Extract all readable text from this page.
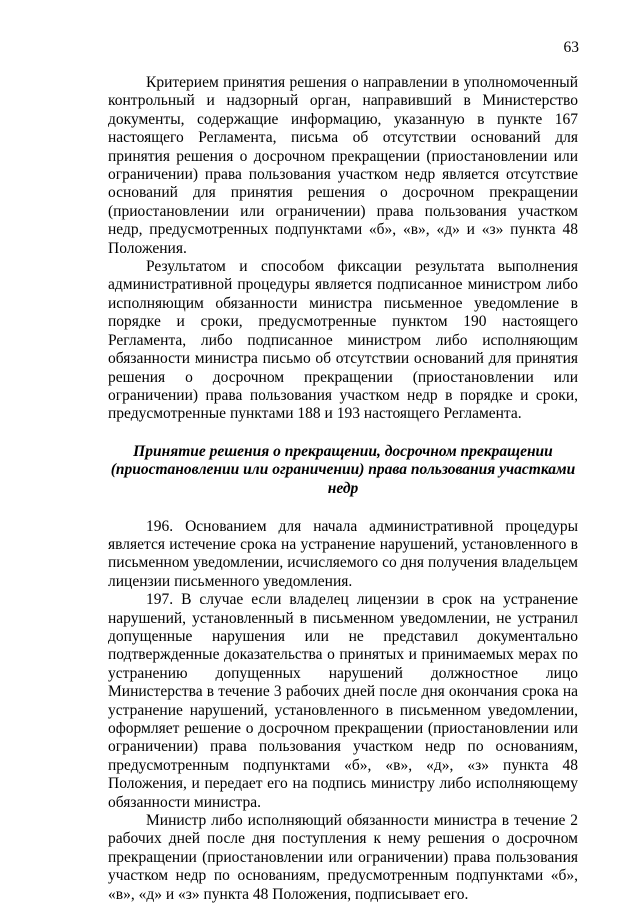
63

Критерием принятия решения о направлении в уполномоченный контрольный и надзорный орган, направивший в Министерство документы, содержащие информацию, указанную в пункте 167 настоящего Регламента, письма об отсутствии оснований для принятия решения о досрочном прекращении (приостановлении или ограничении) права пользования участком недр является отсутствие оснований для принятия решения о досрочном прекращении (приостановлении или ограничении) права пользования участком недр, предусмотренных подпунктами «б», «в», «д» и «з» пункта 48 Положения.

Результатом и способом фиксации результата выполнения административной процедуры является подписанное министром либо исполняющим обязанности министра письменное уведомление в порядке и сроки, предусмотренные пунктом 190 настоящего Регламента, либо подписанное министром либо исполняющим обязанности министра письмо об отсутствии оснований для принятия решения о досрочном прекращении (приостановлении или ограничении) права пользования участком недр в порядке и сроки, предусмотренные пунктами 188 и 193 настоящего Регламента.

Принятие решения о прекращении, досрочном прекращении
(приостановлении или ограничении) права пользования участками
недр

196. Основанием для начала административной процедуры является истечение срока на устранение нарушений, установленного в письменном уведомлении, исчисляемого со дня получения владельцем лицензии письменного уведомления.

197. В случае если владелец лицензии в срок на устранение нарушений, установленный в письменном уведомлении, не устранил допущенные нарушения или не представил документально подтвержденные доказательства о принятых и принимаемых мерах по устранению допущенных нарушений должностное лицо Министерства в течение 3 рабочих дней после дня окончания срока на устранение нарушений, установленного в письменном уведомлении, оформляет решение о досрочном прекращении (приостановлении или ограничении) права пользования участком недр по основаниям, предусмотренным подпунктами «б», «в», «д», «з» пункта 48 Положения, и передает его на подпись министру либо исполняющему обязанности министра.

Министр либо исполняющий обязанности министра в течение 2 рабочих дней после дня поступления к нему решения о досрочном прекращении (приостановлении или ограничении) права пользования участком недр по основаниям, предусмотренным подпунктами «б», «в», «д» и «з» пункта 48 Положения, подписывает его.
